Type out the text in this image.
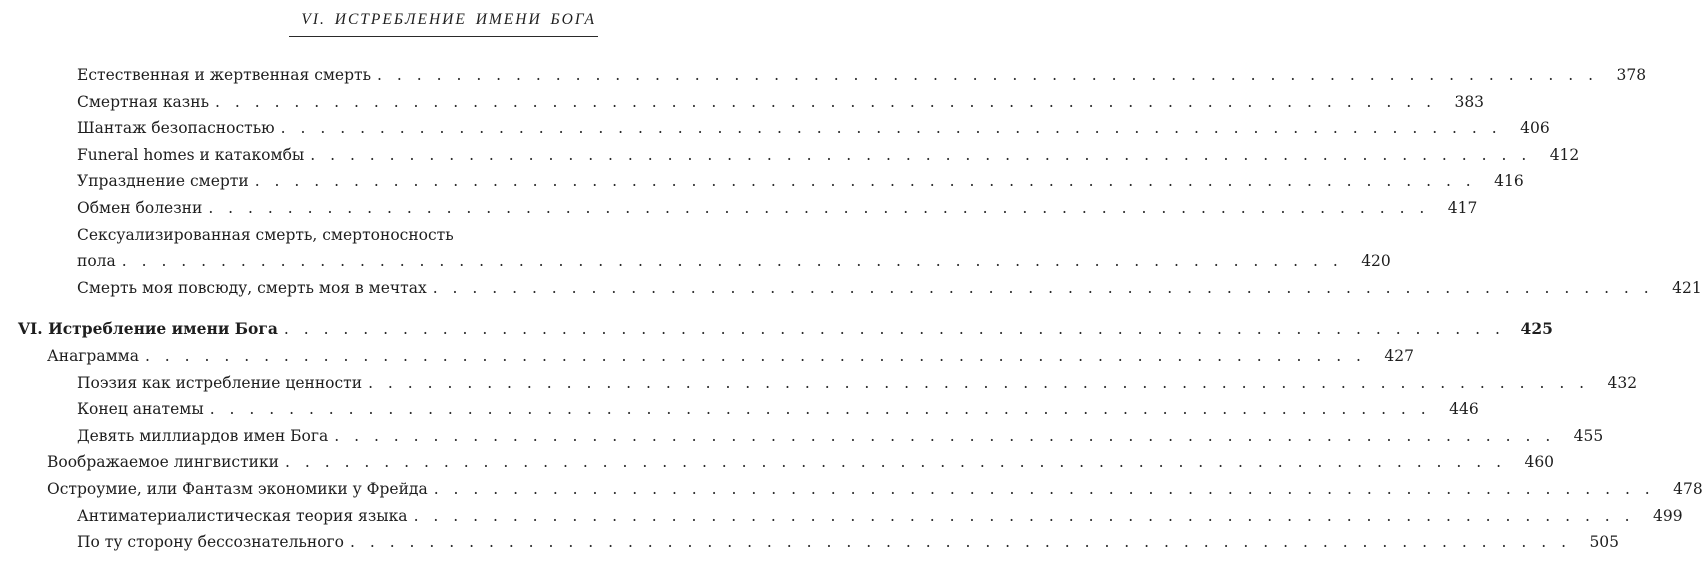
VI. ИСТРЕБЛЕНИЕ ИМЕНИ БОГА
Естественная и жертвенная смерть . . . . . . . . . . . . . . . . . . . . . . . . . . . . . . . . . . . . . . . . . . . . . . . . . . . . . . . . . . . . . .	378
Смертная казнь . . . . . . . . . . . . . . . . . . . . . . . . . . . . . . . . . . . . . . . . . . . . . . . . . . . . . . . . . . . . . .	383
Шантаж безопасностью . . . . . . . . . . . . . . . . . . . . . . . . . . . . . . . . . . . . . . . . . . . . . . . . . . . . . . . . . . . . . .	406
Funeral homes и катакомбы . . . . . . . . . . . . . . . . . . . . . . . . . . . . . . . . . . . . . . . . . . . . . . . . . . . . . . . . . . . . . .	412
Упразднение смерти . . . . . . . . . . . . . . . . . . . . . . . . . . . . . . . . . . . . . . . . . . . . . . . . . . . . . . . . . . . . . .	416
Обмен болезни . . . . . . . . . . . . . . . . . . . . . . . . . . . . . . . . . . . . . . . . . . . . . . . . . . . . . . . . . . . . . .	417
Сексуализированная смерть, смертоносность
пола . . . . . . . . . . . . . . . . . . . . . . . . . . . . . . . . . . . . . . . . . . . . . . . . . . . . . . . . . . . . . .	420
Смерть моя повсюду, смерть моя в мечтах . . . . . . . . . . . . . . . . . . . . . . . . . . . . . . . . . . . . . . . . . . . . . . . . . . . . . . . . . . . . . .	421
VI. Истребление имени Бога . . . . . . . . . . . . . . . . . . . . . . . . . . . . . . . . . . . . . . . . . . . . . . . . . . . . . . . . . . . . . .	425
Анаграмма . . . . . . . . . . . . . . . . . . . . . . . . . . . . . . . . . . . . . . . . . . . . . . . . . . . . . . . . . . . . . .	427
Поэзия как истребление ценности . . . . . . . . . . . . . . . . . . . . . . . . . . . . . . . . . . . . . . . . . . . . . . . . . . . . . . . . . . . . . .	432
Конец анатемы . . . . . . . . . . . . . . . . . . . . . . . . . . . . . . . . . . . . . . . . . . . . . . . . . . . . . . . . . . . . . .	446
Девять миллиардов имен Бога . . . . . . . . . . . . . . . . . . . . . . . . . . . . . . . . . . . . . . . . . . . . . . . . . . . . . . . . . . . . . .	455
Воображаемое лингвистики . . . . . . . . . . . . . . . . . . . . . . . . . . . . . . . . . . . . . . . . . . . . . . . . . . . . . . . . . . . . . .	460
Остроумие, или Фантазм экономики у Фрейда . . . . . . . . . . . . . . . . . . . . . . . . . . . . . . . . . . . . . . . . . . . . . . . . . . . . . . . . . . . . . .	478
Антиматериалистическая теория языка . . . . . . . . . . . . . . . . . . . . . . . . . . . . . . . . . . . . . . . . . . . . . . . . . . . . . . . . . . . . . .	499
По ту сторону бессознательного . . . . . . . . . . . . . . . . . . . . . . . . . . . . . . . . . . . . . . . . . . . . . . . . . . . . . . . . . . . . . .	505
